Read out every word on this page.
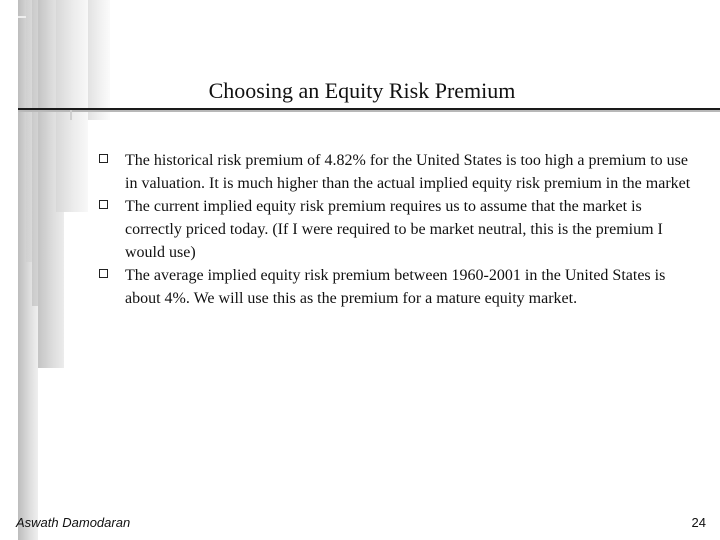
Choosing an Equity Risk Premium
The historical risk premium of 4.82% for the United States is too high a premium to use in valuation. It is much higher than the actual implied equity risk premium in the market
The current implied equity risk premium requires us to assume that the market is correctly priced today. (If I were required to be market neutral, this is the premium I would use)
The average implied equity risk premium between 1960-2001 in the United States is about 4%. We will use this as the premium for a mature equity market.
Aswath Damodaran	24
